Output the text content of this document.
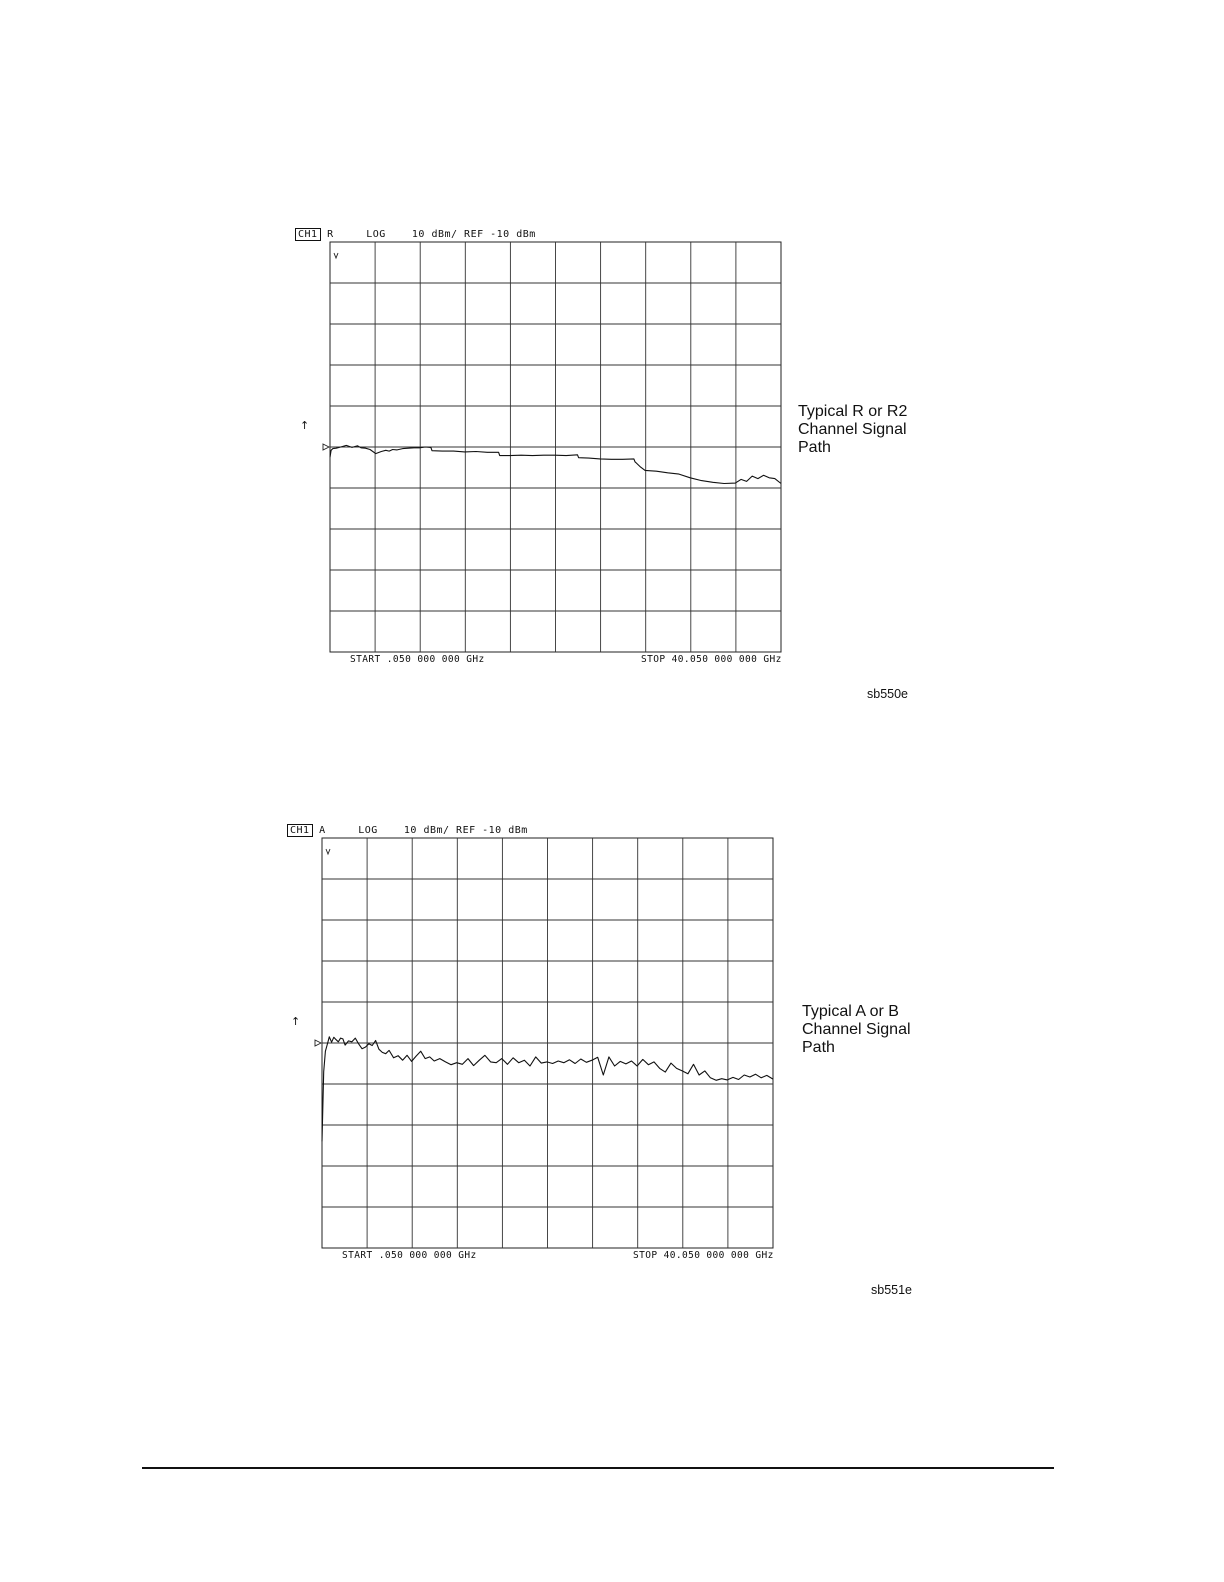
CH1 R	LOG	10 dBm/ REF -10 dBm
↑
START .050 000 000 GHz	STOP 40.050 000 000 GHz
Typical R or R2
Channel Signal
Path
sb550e
CH1 A	LOG	10 dBm/ REF -10 dBm
↑
START .050 000 000 GHz	STOP 40.050 000 000 GHz
Typical A or B
Channel Signal
Path
sb551e
